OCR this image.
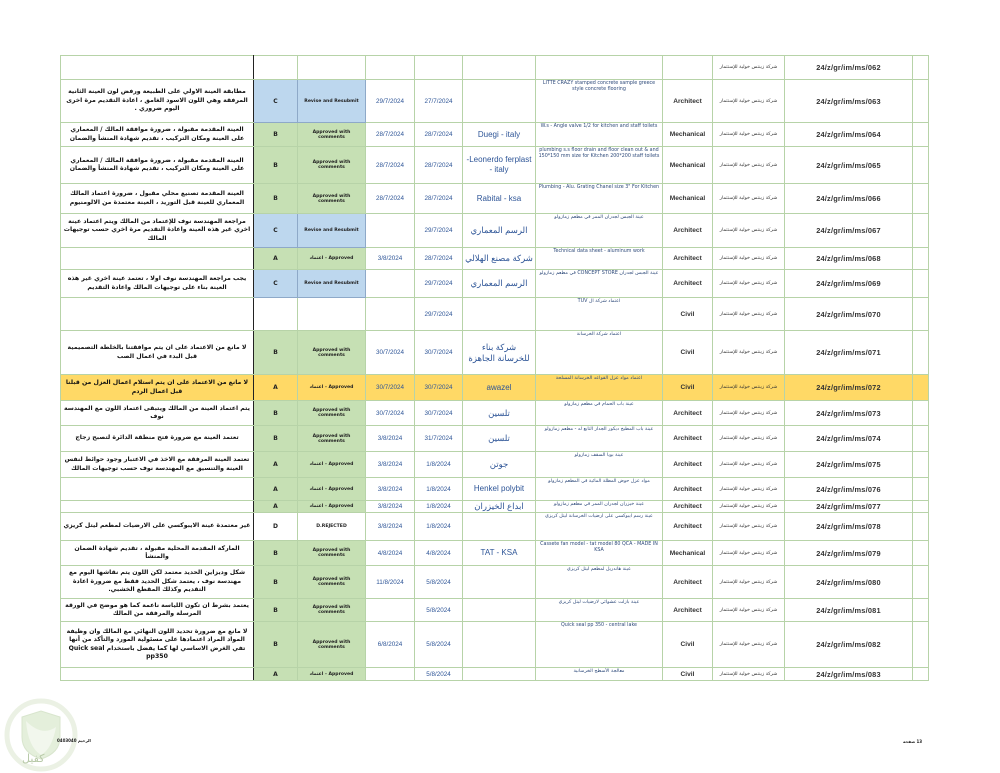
كفيل
								شركة زينتس خولية للإستثمار	24/z/gr/im/ms/062	
مطابقة العينة الاولي على الطبيعة ورفض لون العينة الثانية المرفقة وهي اللون الاسود الغامق ، اعادة التقديم مرة اخرى اليوم ضروري .	C	Revise and Resubmit	29/7/2024	27/7/2024		LITTE CRAZY stamped concrete sample greece style concrete flooring	Architect	شركة زينتس خولية للإستثمار	24/z/gr/im/ms/063	
العينة المقدمة مقبولة ، ضرورة موافقة المالك / المعماري على العينة ومكان التركيب ، تقديم شهادة المنشأ والضمان	B	Approved with comments	28/7/2024	28/7/2024	Duegi - italy	W.s - Angle valve 1/2 for kitchen and staff toilets	Mechanical	شركة زينتس خولية للإستثمار	24/z/gr/im/ms/064	
العينة المقدمة مقبولة ، ضرورة موافقة المالك / المعماري على العينة ومكان التركيب ، تقديم شهادة المنشأ والضمان	B	Approved with comments	28/7/2024	28/7/2024	-Leonerdo ferplast - italy	plumbing s.s floor drain and floor clean out & and 150*150 mm size for Kitchen 200*200 staff toilets	Mechanical	شركة زينتس خولية للإستثمار	24/z/gr/im/ms/065	
العينة المقدمة تصنيع محلي مقبول ، ضرورة اعتماد المالك المعماري للعينة قبل التوريد ، العينة معتمدة من الالومنيوم	B	Approved with comments	28/7/2024	28/7/2024	Rabital - ksa	Plumbing - Alu. Grating Chanel size 3" For Kitchen	Mechanical	شركة زينتس خولية للإستثمار	24/z/gr/im/ms/066	
مراجعة المهندسة نوف للإعتماد من المالك ويتم اعتماد عينة اخري غير هذه العينة واعادة التقديم مرة اخري حسب توجيهات المالك	C	Revise and Resubmit		29/7/2024	الرسم المعماري	عينة الجبس لجدران الممر في مطعم زمازولو	Architect	شركة زينتس خولية للإستثمار	24/z/gr/im/ms/067	
	A	اعتماد - Approved	3/8/2024	28/7/2024	شركة مصنع الهلالي	Technical data sheet - aluminum work	Architect	شركة زينتس خولية للإستثمار	24/z/gr/im/ms/068	
يجب مراجعة المهندسة نوف اولا ، تعتمد عينة اخري غير هذه العينة بناء على توجيهات المالك واعادة التقديم	C	Revise and Resubmit		29/7/2024	الرسم المعماري	عينة الجبس لجدران CONCEPT STORE في مطعم زمازولو	Architect	شركة زينتس خولية للإستثمار	24/z/gr/im/ms/069	
				29/7/2024		اعتماد شركة ال TUV	Civil	شركة زينتس خولية للإستثمار	24/z/gr/im/ms/070	
لا مانع من الاعتماد على ان يتم موافقتنا بالخلطة التصميمية قبل البدء في اعمال الصب	B	Approved with comments	30/7/2024	30/7/2024	شركة بناء للخرسانة الجاهزة	اعتماد شركة الخرسانة	Civil	شركة زينتس خولية للإستثمار	24/z/gr/im/ms/071	
لا مانع من الاعتماد على ان يتم استلام اعمال العزل من قبلنا قبل اعمال الردم	A	اعتماد - Approved	30/7/2024	30/7/2024	awazel	اعتماد مواد عزل القواعد الخرسانة المسلحة	Civil	شركة زينتس خولية للإستثمار	24/z/gr/im/ms/072	
يتم اعتماد العينة من المالك ويتبقى اعتماد اللون مع المهندسة نوف	B	Approved with comments	30/7/2024	30/7/2024	تلسين	عينة باب الحمام في مطعم زمازولو	Architect	شركة زينتس خولية للإستثمار	24/z/gr/im/ms/073	
تعتمد العينة مع ضرورة فتح منطقة الدائرة لتصبح زجاج	B	Approved with comments	3/8/2024	31/7/2024	تلسين	عينة باب المطبخ ديكور الجدار التابع له - مطعم زمازولو	Architect	شركة زينتس خولية للإستثمار	24/z/gr/im/ms/074	
تعتمد العينة المرفقة مع الاخذ في الاعتبار وجود حوائط لنفس العينة والتنسيق مع المهندسة نوف حسب توجيهات المالك	A	اعتماد - Approved	3/8/2024	1/8/2024	جوتن	عينة بويا السقف زمازولو	Architect	شركة زينتس خولية للإستثمار	24/z/gr/im/ms/075	
	A	اعتماد - Approved	3/8/2024	1/8/2024	Henkel polybit	مواد عزل حوض المظلة المائية في المطعم زمازولو	Architect	شركة زينتس خولية للإستثمار	24/z/gr/im/ms/076	
	A	اعتماد - Approved	3/8/2024	1/8/2024	ابداع الخيزران	عينة خيزران لجدران الممر في مطعم زمازولو	Architect	شركة زينتس خولية للإستثمار	24/z/gr/im/ms/077	
غير معتمدة عينة الايبوكسي على الارضيات لمطعم ليتل كريزي	D	D.REJECTED	3/8/2024	1/8/2024		عينة رسم ايبوكسي على ارضيات الخرسانة ليتل كريزي	Architect	شركة زينتس خولية للإستثمار	24/z/gr/im/ms/078	
الماركة المقدمة المحلية مقبولة ، تقديم شهادة الضمان والمنشأ	B	Approved with comments	4/8/2024	4/8/2024	TAT - KSA	Cassete fan model - tat model 80 QCA - MADE IN KSA	Mechanical	شركة زينتس خولية للإستثمار	24/z/gr/im/ms/079	
شكل وديزاين الحديد معتمد لكن اللون يتم نقاشها اليوم مع مهندسة نوف ، يعتمد شكل الحديد فقط مع ضرورة اعادة التقديم وكذلك المقطع الخشبي.	B	Approved with comments	11/8/2024	5/8/2024		عينة هاندريل لمطعم ليتل كريزي	Architect	شركة زينتس خولية للإستثمار	24/z/gr/im/ms/080	
يعتمد بشرط ان تكون اللياسة ناعمة كما هو موضح في الورقة المرسلة والمرفقة من المالك	B	Approved with comments		5/8/2024		عينة بازلت عشوائي لارضيات ليتل كريزي	Architect	شركة زينتس خولية للإستثمار	24/z/gr/im/ms/081	
لا مانع مع ضرورة تحديد اللون النهائي مع المالك وان وظيفة المواد المراد اعتمادها على مسئولية المورد والتأكد من أنها تفي الغرض الاساسي لها كما يفضل باستخدام Quick seal pp350	B	Approved with comments	6/8/2024	5/8/2024		Quick seal pp 350 - central lake	Civil	شركة زينتس خولية للإستثمار	24/z/gr/im/ms/082	
	A	اعتماد - Approved		5/8/2024		معالجة الأسطح الخرسانية	Civil	شركة زينتس خولية للإستثمار	24/z/gr/im/ms/083	
الرحيم 0403040	13 صفحة
